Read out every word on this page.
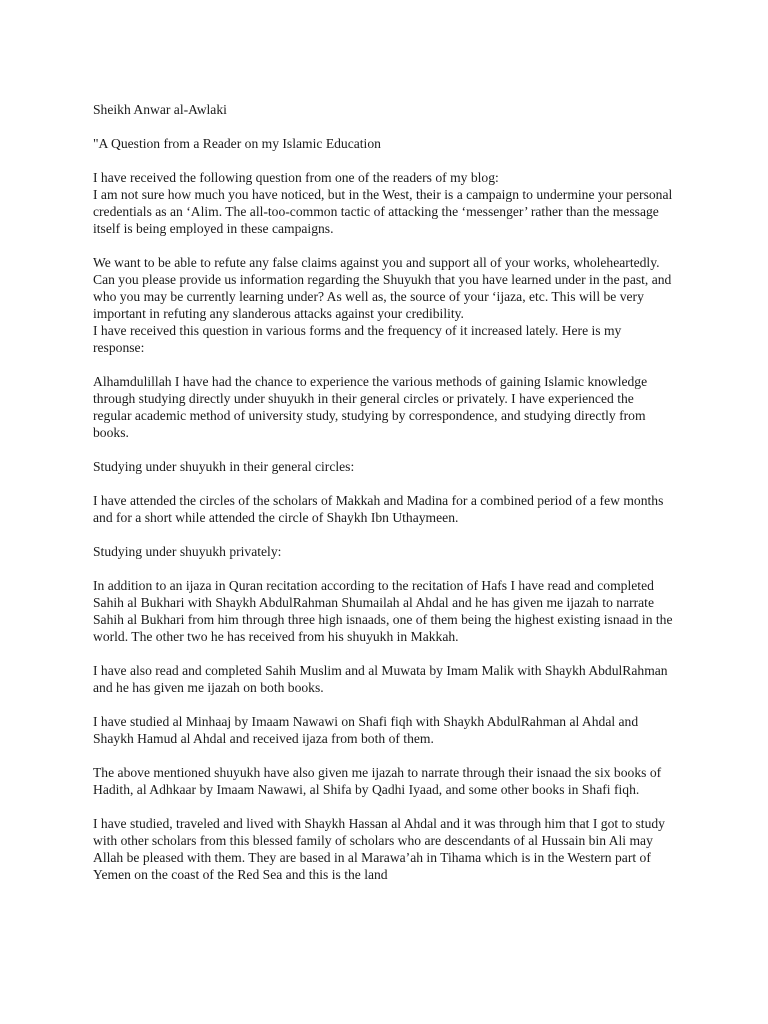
Sheikh Anwar al-Awlaki

"A Question from a Reader on my Islamic Education

I have received the following question from one of the readers of my blog:

I am not sure how much you have noticed, but in the West, their is a campaign to undermine your personal credentials as an ‘Alim. The all-too-common tactic of attacking the ‘messenger’ rather than the message itself is being employed in these campaigns.

We want to be able to refute any false claims against you and support all of your works, wholeheartedly. Can you please provide us information regarding the Shuyukh that you have learned under in the past, and who you may be currently learning under? As well as, the source of your ‘ijaza, etc. This will be very important in refuting any slanderous attacks against your credibility.

I have received this question in various forms and the frequency of it increased lately. Here is my response:

Alhamdulillah I have had the chance to experience the various methods of gaining Islamic knowledge through studying directly under shuyukh in their general circles or privately. I have experienced the regular academic method of university study, studying by correspondence, and studying directly from books.

Studying under shuyukh in their general circles:

I have attended the circles of the scholars of Makkah and Madina for a combined period of a few months and for a short while attended the circle of Shaykh Ibn Uthaymeen.

Studying under shuyukh privately:

In addition to an ijaza in Quran recitation according to the recitation of Hafs I have read and completed Sahih al Bukhari with Shaykh AbdulRahman Shumailah al Ahdal and he has given me ijazah to narrate Sahih al Bukhari from him through three high isnaads, one of them being the highest existing isnaad in the world. The other two he has received from his shuyukh in Makkah.

I have also read and completed Sahih Muslim and al Muwata by Imam Malik with Shaykh AbdulRahman and he has given me ijazah on both books.

I have studied al Minhaaj by Imaam Nawawi on Shafi fiqh with Shaykh AbdulRahman al Ahdal and Shaykh Hamud al Ahdal and received ijaza from both of them.

The above mentioned shuyukh have also given me ijazah to narrate through their isnaad the six books of Hadith, al Adhkaar by Imaam Nawawi, al Shifa by Qadhi Iyaad, and some other books in Shafi fiqh.

I have studied, traveled and lived with Shaykh Hassan al Ahdal and it was through him that I got to study with other scholars from this blessed family of scholars who are descendants of al Hussain bin Ali may Allah be pleased with them. They are based in al Marawa’ah in Tihama which is in the Western part of Yemen on the coast of the Red Sea and this is the land
